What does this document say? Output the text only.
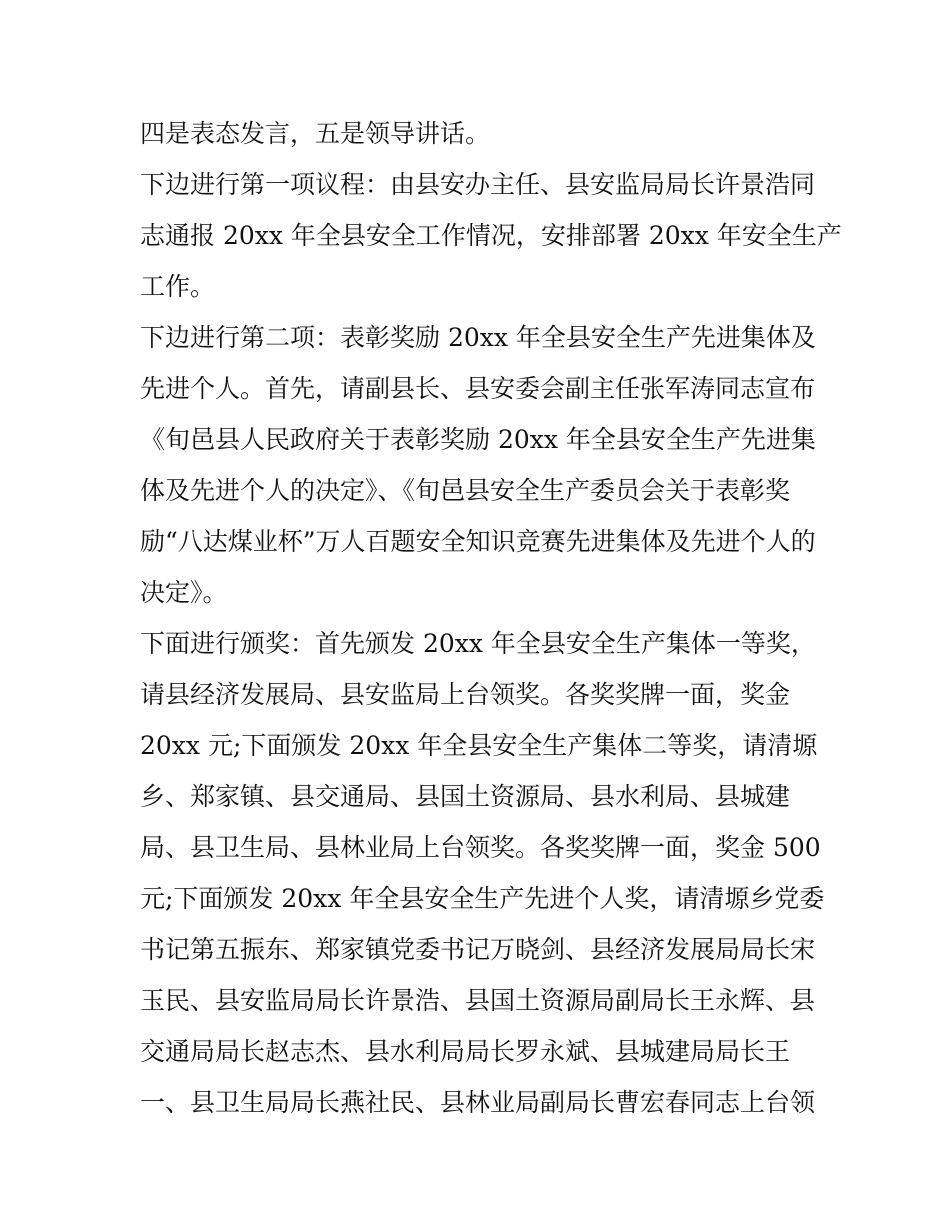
四是表态发言，五是领导讲话。
下边进行第一项议程：由县安办主任、县安监局局长许景浩同
志通报 20xx 年全县安全工作情况，安排部署 20xx 年安全生产
工作。
下边进行第二项：表彰奖励 20xx 年全县安全生产先进集体及
先进个人。首先，请副县长、县安委会副主任张军涛同志宣布
《旬邑县人民政府关于表彰奖励 20xx 年全县安全生产先进集
体及先进个人的决定》、《旬邑县安全生产委员会关于表彰奖
励“八达煤业杯”万人百题安全知识竞赛先进集体及先进个人的
决定》。
下面进行颁奖：首先颁发 20xx 年全县安全生产集体一等奖，
请县经济发展局、县安监局上台领奖。各奖奖牌一面，奖金
20xx 元;下面颁发 20xx 年全县安全生产集体二等奖，请清塬
乡、郑家镇、县交通局、县国土资源局、县水利局、县城建
局、县卫生局、县林业局上台领奖。各奖奖牌一面，奖金 500
元;下面颁发 20xx 年全县安全生产先进个人奖，请清塬乡党委
书记第五振东、郑家镇党委书记万晓剑、县经济发展局局长宋
玉民、县安监局局长许景浩、县国土资源局副局长王永辉、县
交通局局长赵志杰、县水利局局长罗永斌、县城建局局长王
一、县卫生局局长燕社民、县林业局副局长曹宏春同志上台领
